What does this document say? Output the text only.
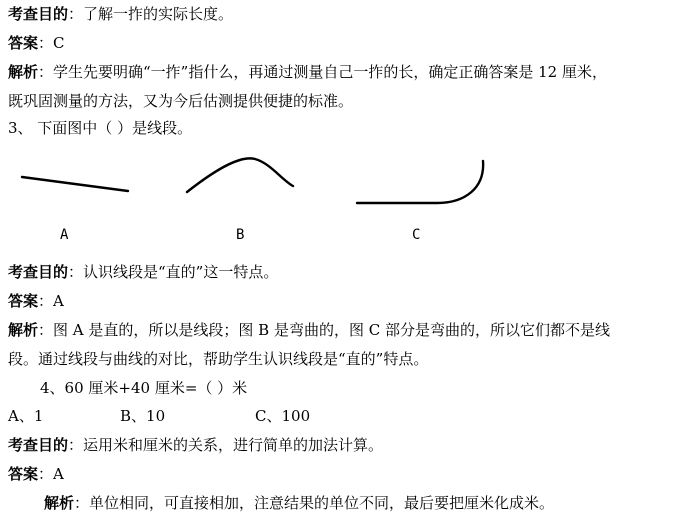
考查目的：了解一拃的实际长度。
答案：C
解析：学生先要明确“一拃”指什么，再通过测量自己一拃的长，确定正确答案是 12 厘米，
既巩固测量的方法，又为今后估测提供便捷的标准。
3、 下面图中（ ）是线段。
A	B	C
考查目的：认识线段是“直的”这一特点。
答案：A
解析：图 A 是直的，所以是线段；图 B 是弯曲的，图 C 部分是弯曲的，所以它们都不是线
段。通过线段与曲线的对比，帮助学生认识线段是“直的”特点。
4、60 厘米+40 厘米=（ ）米
A、1	B、10	C、100
考查目的：运用米和厘米的关系，进行简单的加法计算。
答案：A
解析：单位相同，可直接相加，注意结果的单位不同，最后要把厘米化成米。
